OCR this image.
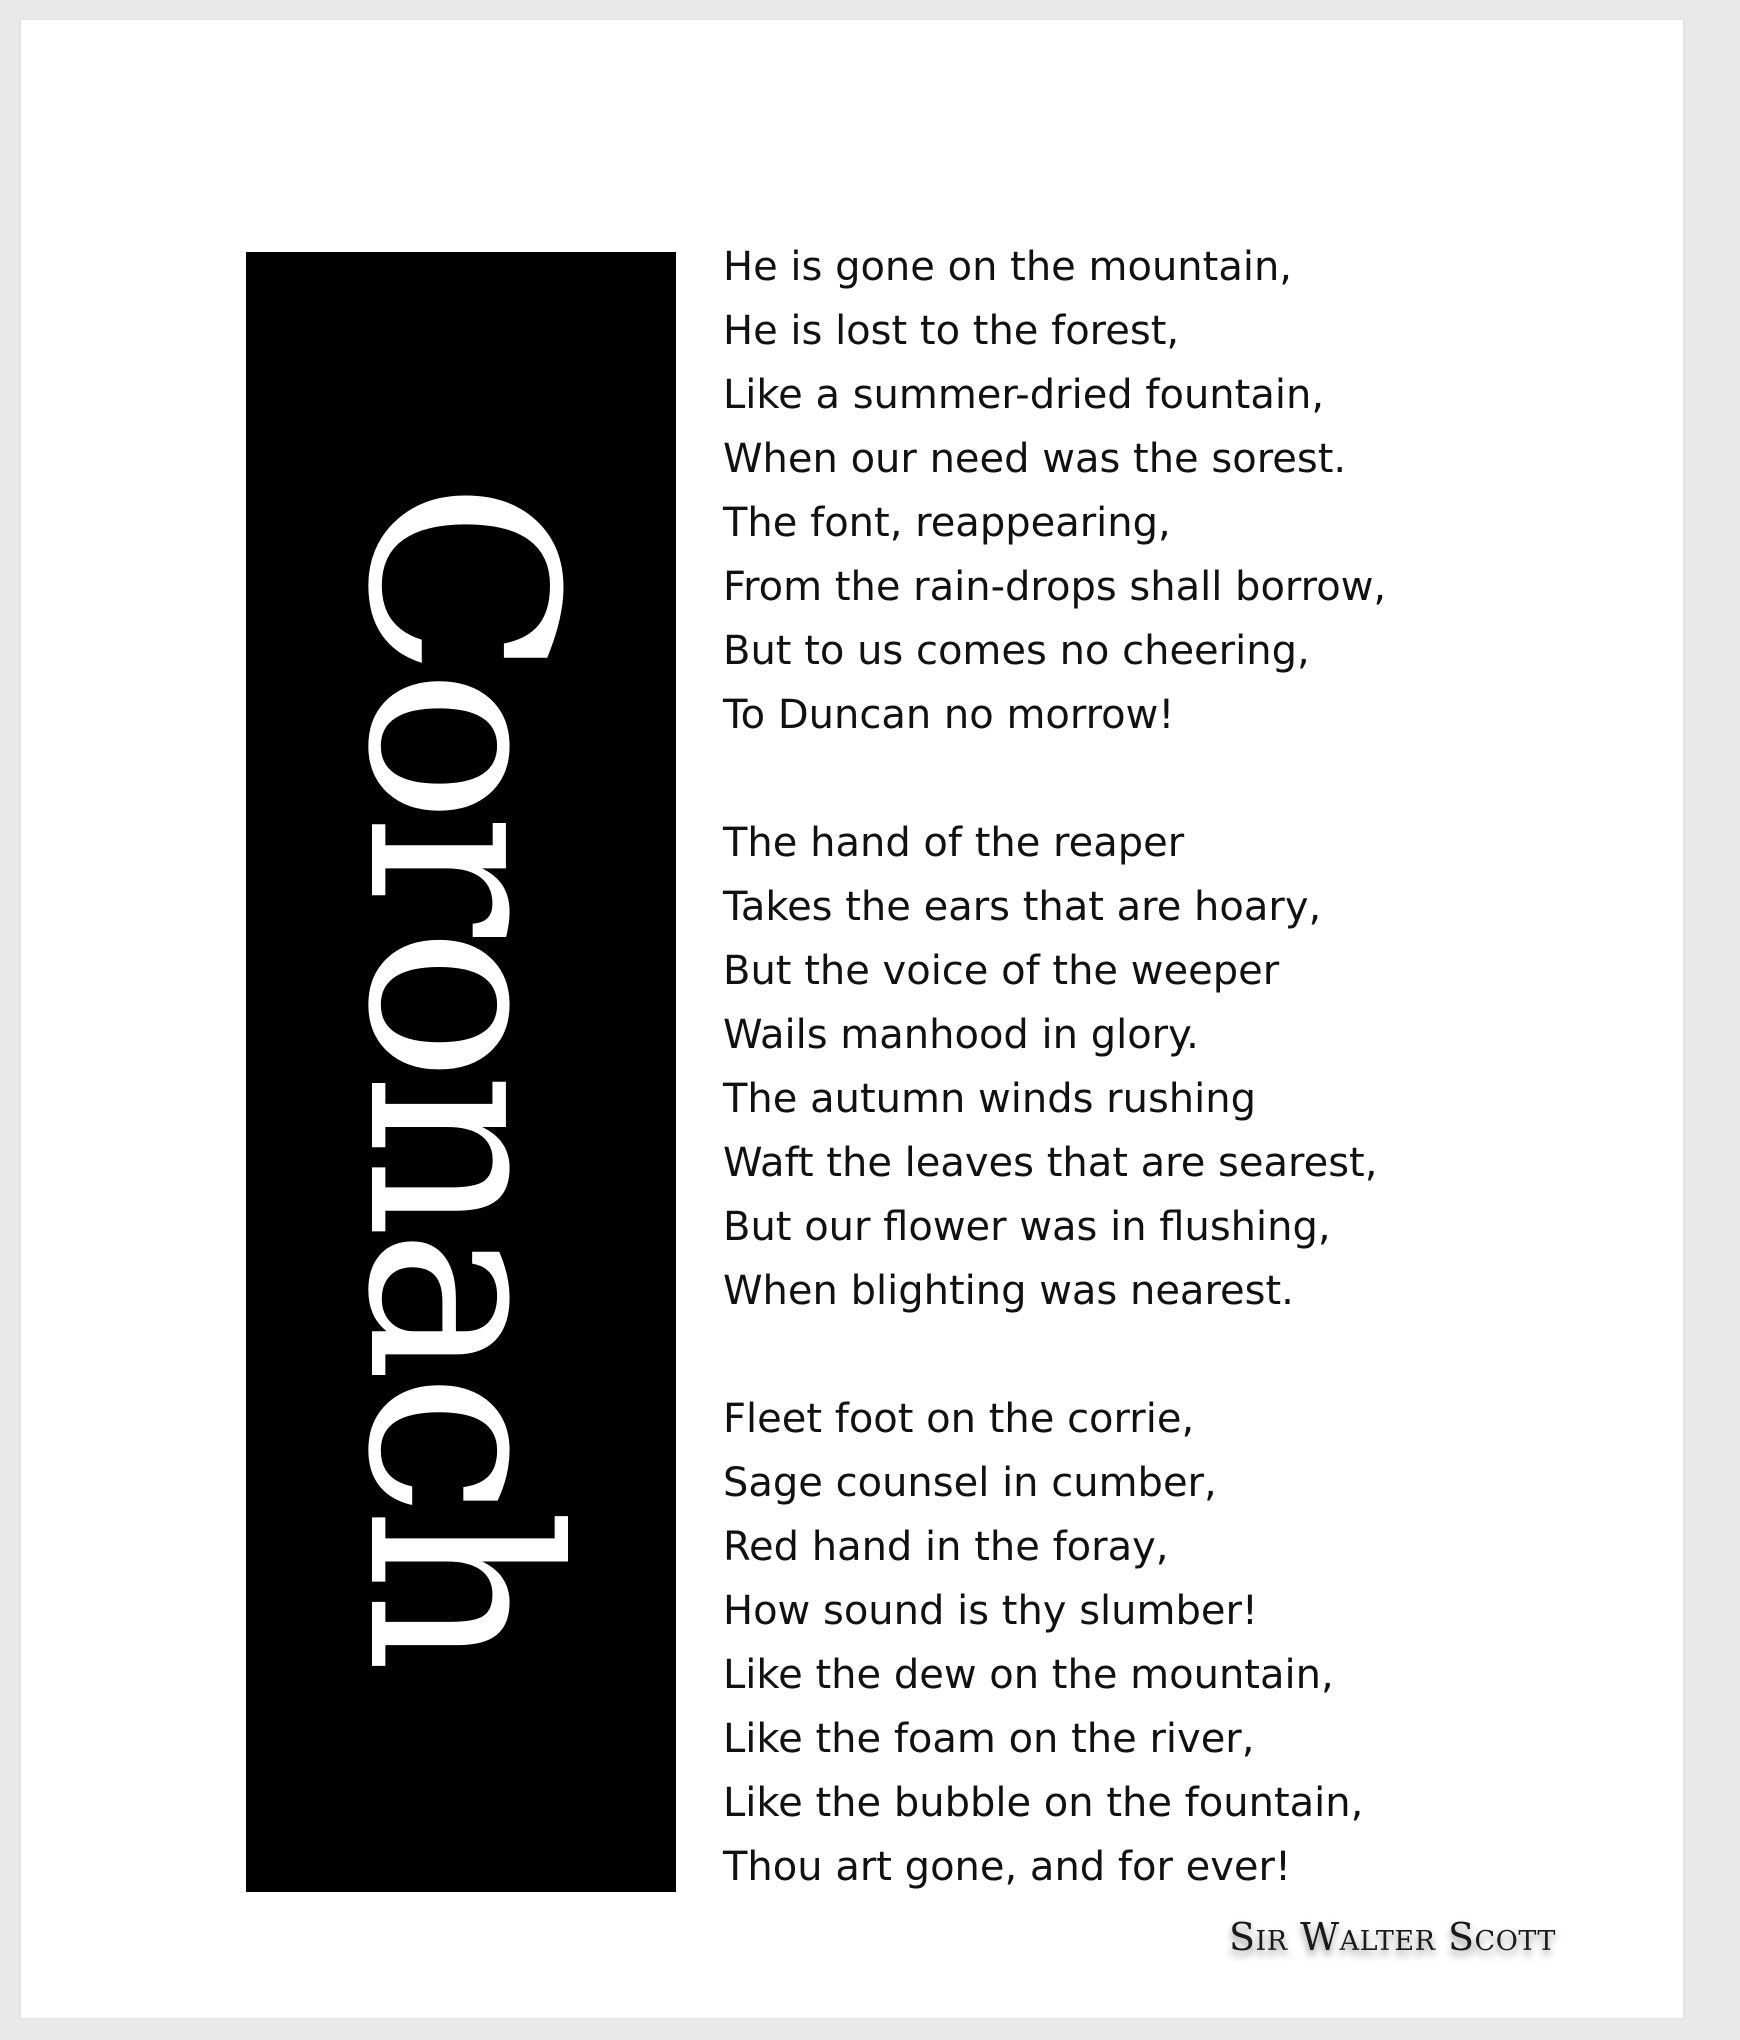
Coronach
He is gone on the mountain,
He is lost to the forest,
Like a summer-dried fountain,
When our need was the sorest.
The font, reappearing,
From the rain-drops shall borrow,
But to us comes no cheering,
To Duncan no morrow!
The hand of the reaper
Takes the ears that are hoary,
But the voice of the weeper
Wails manhood in glory.
The autumn winds rushing
Waft the leaves that are searest,
But our flower was in flushing,
When blighting was nearest.
Fleet foot on the corrie,
Sage counsel in cumber,
Red hand in the foray,
How sound is thy slumber!
Like the dew on the mountain,
Like the foam on the river,
Like the bubble on the fountain,
Thou art gone, and for ever!
Sir Walter Scott
